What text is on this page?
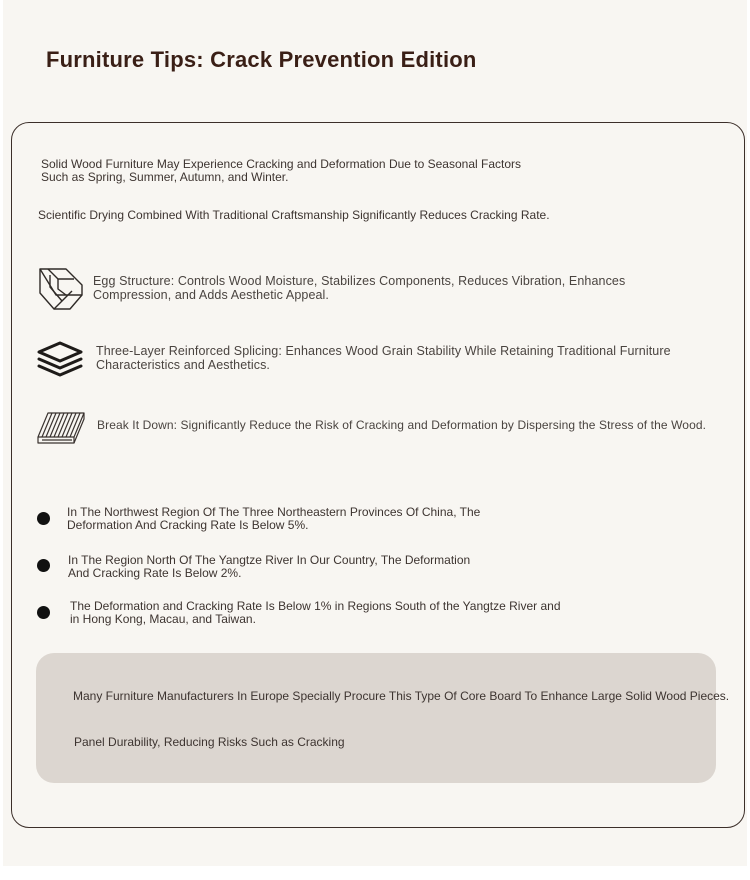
Furniture Tips: Crack Prevention Edition
Solid Wood Furniture May Experience Cracking and Deformation Due to Seasonal Factors
Such as Spring, Summer, Autumn, and Winter.
Scientific Drying Combined With Traditional Craftsmanship Significantly Reduces Cracking Rate.
Egg Structure: Controls Wood Moisture, Stabilizes Components, Reduces Vibration, Enhances
Compression, and Adds Aesthetic Appeal.
Three-Layer Reinforced Splicing: Enhances Wood Grain Stability While Retaining Traditional Furniture
Characteristics and Aesthetics.
Break It Down: Significantly Reduce the Risk of Cracking and Deformation by Dispersing the Stress of the Wood.
In The Northwest Region Of The Three Northeastern Provinces Of China, The
Deformation And Cracking Rate Is Below 5%.
In The Region North Of The Yangtze River In Our Country, The Deformation
And Cracking Rate Is Below 2%.
The Deformation and Cracking Rate Is Below 1% in Regions South of the Yangtze River and
in Hong Kong, Macau, and Taiwan.
Many Furniture Manufacturers In Europe Specially Procure This Type Of Core Board To Enhance Large Solid Wood Pieces.
Panel Durability, Reducing Risks Such as Cracking
